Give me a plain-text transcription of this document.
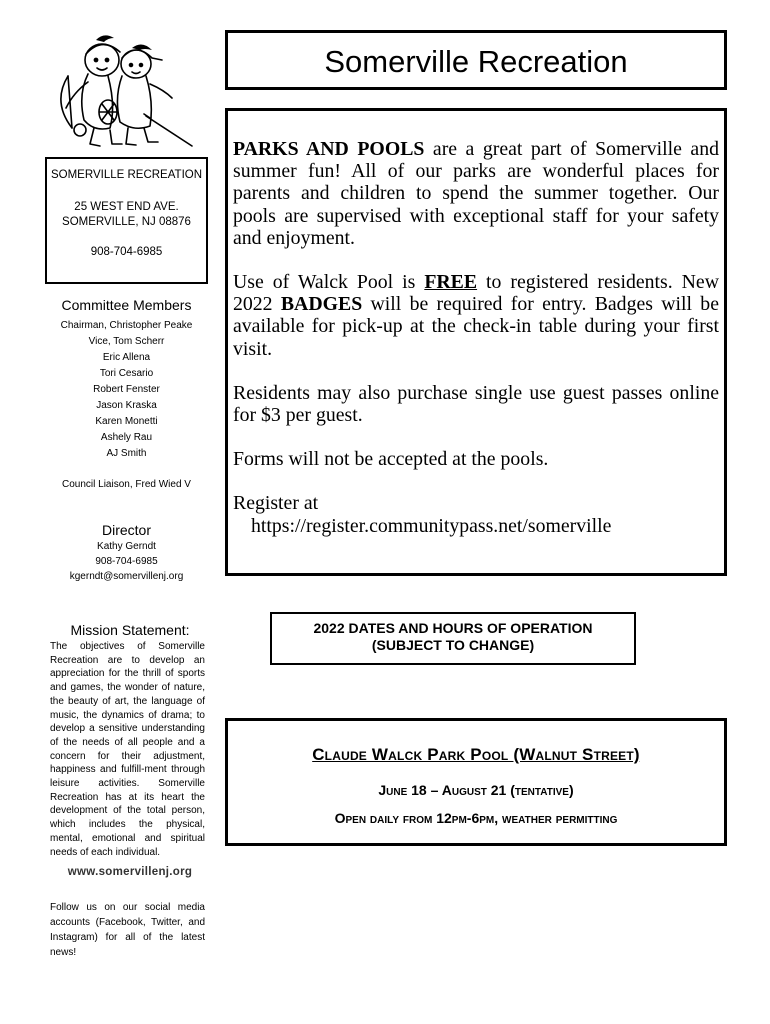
SOMERVILLE RECREATION
25 WEST END AVE.
SOMERVILLE, NJ 08876
908-704-6985
Committee Members
Chairman, Christopher Peake
Vice, Tom Scherr
Eric Allena
Tori Cesario
Robert Fenster
Jason Kraska
Karen Monetti
Ashely Rau
AJ Smith
Council Liaison, Fred Wied V
Director
Kathy Gerndt
908-704-6985
kgerndt@somervillenj.org
Mission Statement:
The objectives of Somerville Recreation are to develop an appreciation for the thrill of sports and games, the wonder of nature, the beauty of art, the language of music, the dynamics of drama; to develop a sensitive understanding of the needs of all people and a concern for their adjustment, happiness and fulfill-ment through leisure activities. Somerville Recreation has at its heart the development of the total person, which includes the physical, mental, emotional and spiritual needs of each individual.
www.somervillenj.org
Follow us on our social media accounts (Facebook, Twitter, and Instagram) for all of the latest news!
Somerville Recreation

PARKS AND POOLS are a great part of Somerville and summer fun! All of our parks are wonderful places for parents and children to spend the summer together. Our pools are supervised with exceptional staff for your safety and enjoyment.

Use of Walck Pool is FREE to registered residents. New 2022 BADGES will be required for entry. Badges will be available for pick-up at the check-in table during your first visit.

Residents may also purchase single use guest passes online for $3 per guest.

Forms will not be accepted at the pools.

Register at

https://register.communitypass.net/somerville

2022 DATES AND HOURS OF OPERATION
(SUBJECT TO CHANGE)
Claude Walck Park Pool (Walnut Street)
June 18 – August 21 (tentative)
Open daily from 12pm-6pm, weather permitting
